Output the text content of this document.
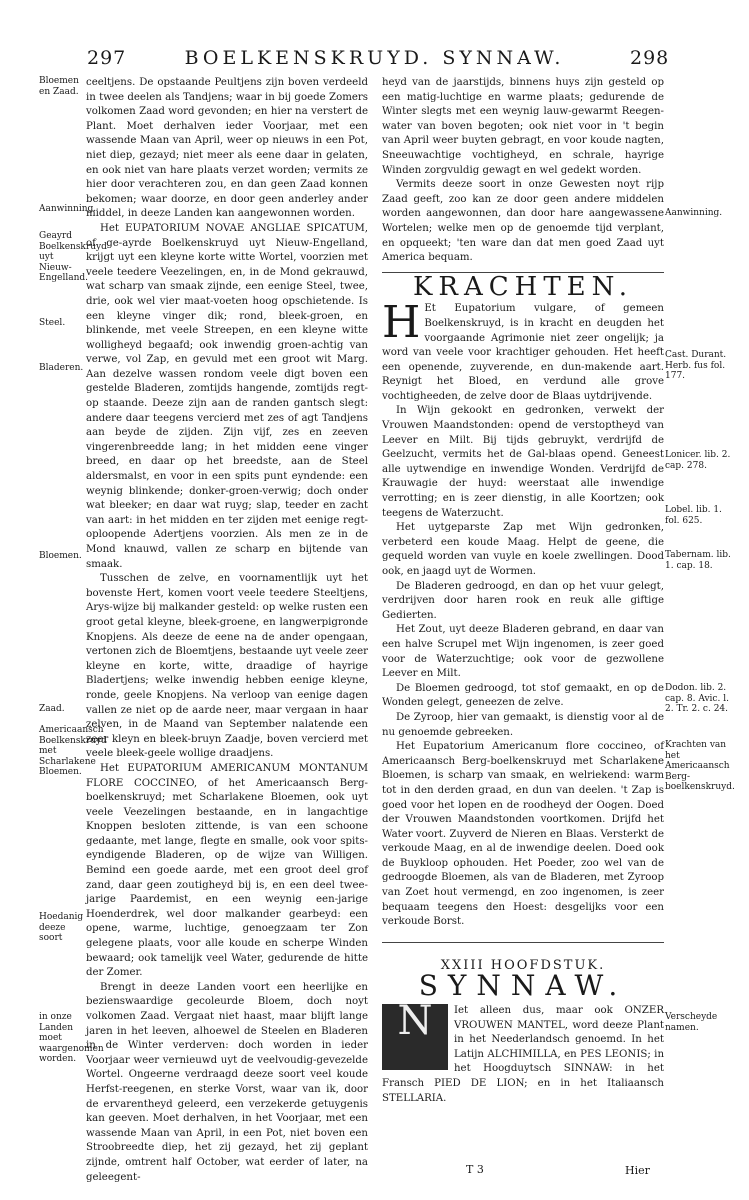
297	BOELKENSKRUYD. SYNNAW.	298
Bloemen en Zaad.
Aanwinning.
Geayrd Boelkenskruyd uyt Nieuw-Engelland.
Steel.
Bladeren.
Bloemen.
Zaad.
Americaansch Boelkenskruyd met Scharlakene Bloemen.
Hoedanig deeze soort
in onze Landen moet waargenomen worden.

ceeltjens. De opstaande Peultjens zijn boven verdeeld in twee deelen als Tandjens; waar in bij goede Zomers volkomen Zaad word gevonden; en hier na verstert de Plant. Moet derhalven ieder Voorjaar, met een wassende Maan van April, weer op nieuws in een Pot, niet diep, gezayd; niet meer als eene daar in gelaten, en ook niet van hare plaats verzet worden; vermits ze hier door verachteren zou, en dan geen Zaad konnen bekomen; waar doorze, en door geen anderley ander middel, in deeze Landen kan aangewonnen worden.

Het EUPATORIUM NOVAE ANGLIAE SPICATUM, of ge-ayrde Boelkenskruyd uyt Nieuw-Engelland, krijgt uyt een kleyne korte witte Wortel, voorzien met veele teedere Veezelingen, en, in de Mond gekrauwd, wat scharp van smaak zijnde, een eenige Steel, twee, drie, ook wel vier maat-voeten hoog opschietende. Is een kleyne vinger dik; rond, bleek-groen, en blinkende, met veele Streepen, en een kleyne witte wolligheyd begaafd; ook inwendig groen-achtig van verwe, vol Zap, en gevuld met een groot wit Marg. Aan dezelve wassen rondom veele digt boven een gestelde Bladeren, zomtijds hangende, zomtijds regt-op staande. Deeze zijn aan de randen gantsch slegt: andere daar teegens vercierd met zes of agt Tandjens aan beyde de zijden. Zijn vijf, zes en zeeven vingerenbreedde lang; in het midden eene vinger breed, en daar op het breedste, aan de Steel aldersmalst, en voor in een spits punt eyndende: een weynig blinkende; donker-groen-verwig; doch onder wat bleeker; en daar wat ruyg; slap, teeder en zacht van aart: in het midden en ter zijden met eenige regt-oploopende Adertjens voorzien. Als men ze in de Mond knauwd, vallen ze scharp en bijtende van smaak.

Tusschen de zelve, en voornamentlijk uyt het bovenste Hert, komen voort veele teedere Steeltjens, Arys-wijze bij malkander gesteld: op welke rusten een groot getal kleyne, bleek-groene, en langwerpigronde Knopjens. Als deeze de eene na de ander opengaan, vertonen zich de Bloemtjens, bestaande uyt veele zeer kleyne en korte, witte, draadige of hayrige Bladertjens; welke inwendig hebben eenige kleyne, ronde, geele Knopjens. Na verloop van eenige dagen vallen ze niet op de aarde neer, maar vergaan in haar zelven, in de Maand van September nalatende een zeer kleyn en bleek-bruyn Zaadje, boven vercierd met veele bleek-geele wollige draadjens.

Het EUPATORIUM AMERICANUM MONTANUM FLORE COCCINEO, of het Americaansch Berg-boelkenskruyd; met Scharlakene Bloemen, ook uyt veele Veezelingen bestaande, en in langachtige Knoppen besloten zittende, is van een schoone gedaante, met lange, flegte en smalle, ook voor spits-eyndigende Bladeren, op de wijze van Willigen. Bemind een goede aarde, met een groot deel grof zand, daar geen zoutigheyd bij is, en een deel twee-jarige Paardemist, en een weynig een-jarige Hoenderdrek, wel door malkander gearbeyd: een opene, warme, luchtige, genoegzaam ter Zon gelegene plaats, voor alle koude en scherpe Winden bewaard; ook tamelijk veel Water, gedurende de hitte der Zomer.

Brengt in deeze Landen voort een heerlijke en bezienswaardige gecoleurde Bloem, doch noyt volkomen Zaad. Vergaat niet haast, maar blijft lange jaren in het leeven, alhoewel de Steelen en Bladeren in de Winter verderven: doch worden in ieder Voorjaar weer vernieuwd uyt de veelvoudig-gevezelde Wortel. Ongeerne verdraagd deeze soort veel koude Herfst-reegenen, en sterke Vorst, waar van ik, door de ervarentheyd geleerd, een verzekerde getuygenis kan geeven. Moet derhalven, in het Voorjaar, met een wassende Maan van April, in een Pot, niet boven een Stroobreedte diep, het zij gezayd, het zij geplant zijnde, omtrent half October, wat eerder of later, na geleegent-

heyd van de jaarstijds, binnens huys zijn gesteld op een matig-luchtige en warme plaats; gedurende de Winter slegts met een weynig lauw-gewarmt Reegen-water van boven begoten; ook niet voor in 't begin van April weer buyten gebragt, en voor koude nagten, Sneeuwachtige vochtigheyd, en schrale, hayrige Winden zorgvuldig gewagt en wel gedekt worden.

Vermits deeze soort in onze Gewesten noyt rijp Zaad geeft, zoo kan ze door geen andere middelen worden aangewonnen, dan door hare aangewassene Wortelen; welke men op de genoemde tijd verplant, en opqueekt; 'ten ware dan dat men goed Zaad uyt America bequam.

KRACHTEN.

H Et Eupatorium vulgare, of gemeen Boelkenskruyd, is in kracht en deugden het voorgaande Agrimonie niet zeer ongelijk; ja word van veele voor krachtiger gehouden. Het heeft een openende, zuyverende, en dun-makende aart. Reynigt het Bloed, en verdund alle grove vochtigheeden, de zelve door de Blaas uytdrijvende.

In Wijn gekookt en gedronken, verwekt der Vrouwen Maandstonden: opend de verstoptheyd van Leever en Milt. Bij tijds gebruykt, verdrijfd de Geelzucht, vermits het de Gal-blaas opend. Geneest alle uytwendige en inwendige Wonden. Verdrijfd de Krauwagie der huyd: weerstaat alle inwendige verrotting; en is zeer dienstig, in alle Koortzen; ook teegens de Waterzucht.

Het uytgeparste Zap met Wijn gedronken, verbeterd een koude Maag. Helpt de geene, die gequeld worden van vuyle en koele zwellingen. Dood ook, en jaagd uyt de Wormen.

De Bladeren gedroogd, en dan op het vuur gelegt, verdrijven door haren rook en reuk alle giftige Gedierten.

Het Zout, uyt deeze Bladeren gebrand, en daar van een halve Scrupel met Wijn ingenomen, is zeer goed voor de Waterzuchtige; ook voor de gezwollene Leever en Milt.

De Bloemen gedroogd, tot stof gemaakt, en op de Wonden gelegt, geneezen de zelve.

De Zyroop, hier van gemaakt, is dienstig voor al de nu genoemde gebreeken.

Het Eupatorium Americanum flore coccineo, of Americaansch Berg-boelkenskruyd met Scharlakene Bloemen, is scharp van smaak, en welriekend: warm tot in den derden graad, en dun van deelen. 't Zap is goed voor het lopen en de roodheyd der Oogen. Doed der Vrouwen Maandstonden voortkomen. Drijfd het Water voort. Zuyverd de Nieren en Blaas. Versterkt de verkoude Maag, en al de inwendige deelen. Doed ook de Buykloop ophouden. Het Poeder, zoo wel van de gedroogde Bloemen, als van de Bladeren, met Zyroop van Zoet hout vermengd, en zoo ingenomen, is zeer bequaam teegens den Hoest: desgelijks voor een verkoude Borst.

XXIII HOOFDSTUK.
SYNNAW.

N	Iet alleen dus, maar ook ONZER VROUWEN MANTEL, word deeze Plant in het Neederlandsch genoemd. In het Latijn ALCHIMILLA, en PES LEONIS; in het Hoogduytsch SINNAW: in het Fransch PIED DE LION; en in het Italiaansch STELLARIA.

Aanwinning.
Cast. Durant. Herb. fus fol. 177.
Lonicer. lib. 2. cap. 278.
Lobel. lib. 1. fol. 625.
Tabernam. lib. 1. cap. 18.
Dodon. lib. 2. cap. 8. Avic. l. 2. Tr. 2. c. 24.
Krachten van het Americaansch Berg-boelkenskruyd.
Verscheyde namen.
T 3	Hier
